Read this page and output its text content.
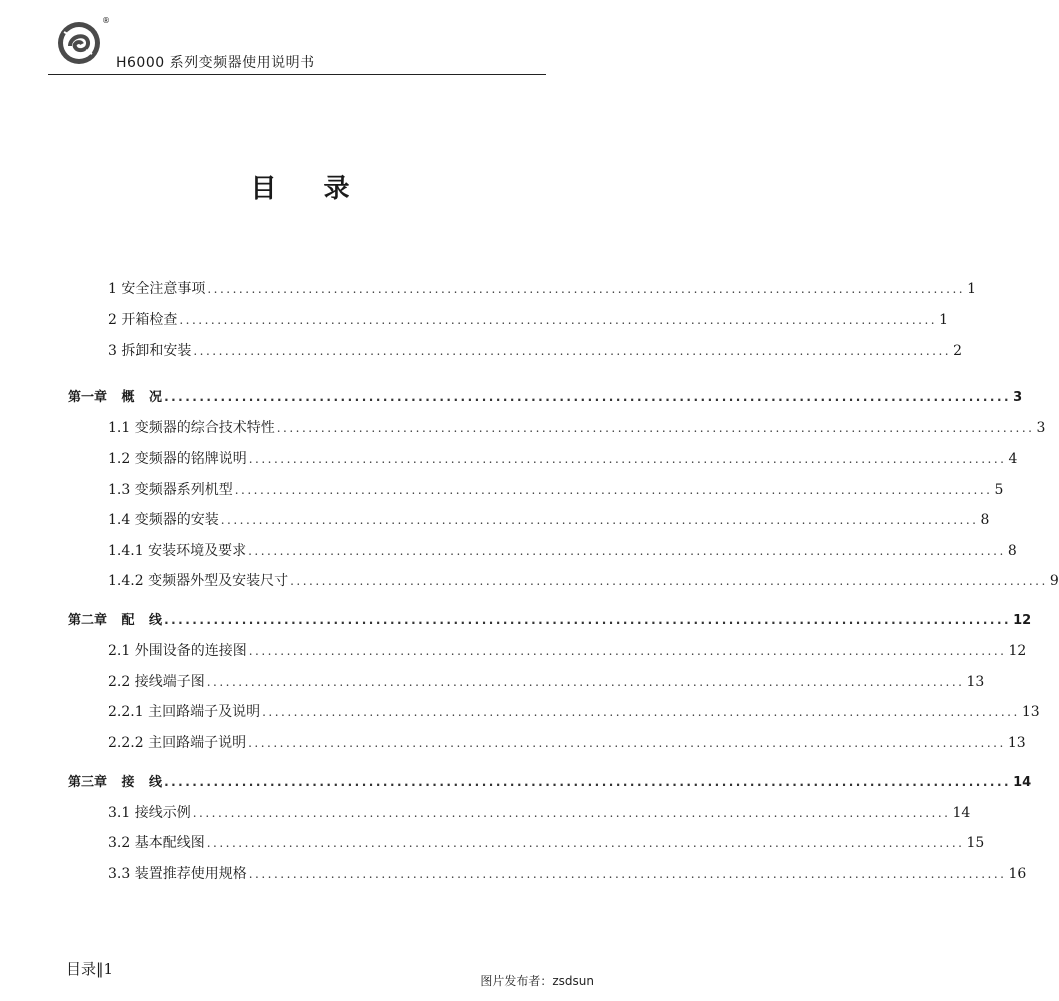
®
H6000 系列变频器使用说明书
目 录
1 安全注意事项 ........................................................................................................................ 1
2 开箱检查 ........................................................................................................................ 1
3 拆卸和安装 ........................................................................................................................ 2
第一章 概 况 ........................................................................................................................ 3
1.1 变频器的综合技术特性 ........................................................................................................................ 3
1.2 变频器的铭牌说明 ........................................................................................................................ 4
1.3 变频器系列机型 ........................................................................................................................ 5
1.4 变频器的安装 ........................................................................................................................ 8
1.4.1 安装环境及要求 ........................................................................................................................ 8
1.4.2 变频器外型及安装尺寸 ........................................................................................................................ 9
第二章 配 线 ........................................................................................................................ 12
2.1 外围设备的连接图 ........................................................................................................................ 12
2.2 接线端子图 ........................................................................................................................ 13
2.2.1 主回路端子及说明 ........................................................................................................................ 13
2.2.2 主回路端子说明 ........................................................................................................................ 13
第三章 接 线 ........................................................................................................................ 14
3.1 接线示例 ........................................................................................................................ 14
3.2 基本配线图 ........................................................................................................................ 15
3.3 装置推荐使用规格 ........................................................................................................................ 16
目录‖1
图片发布者：zsdsun
